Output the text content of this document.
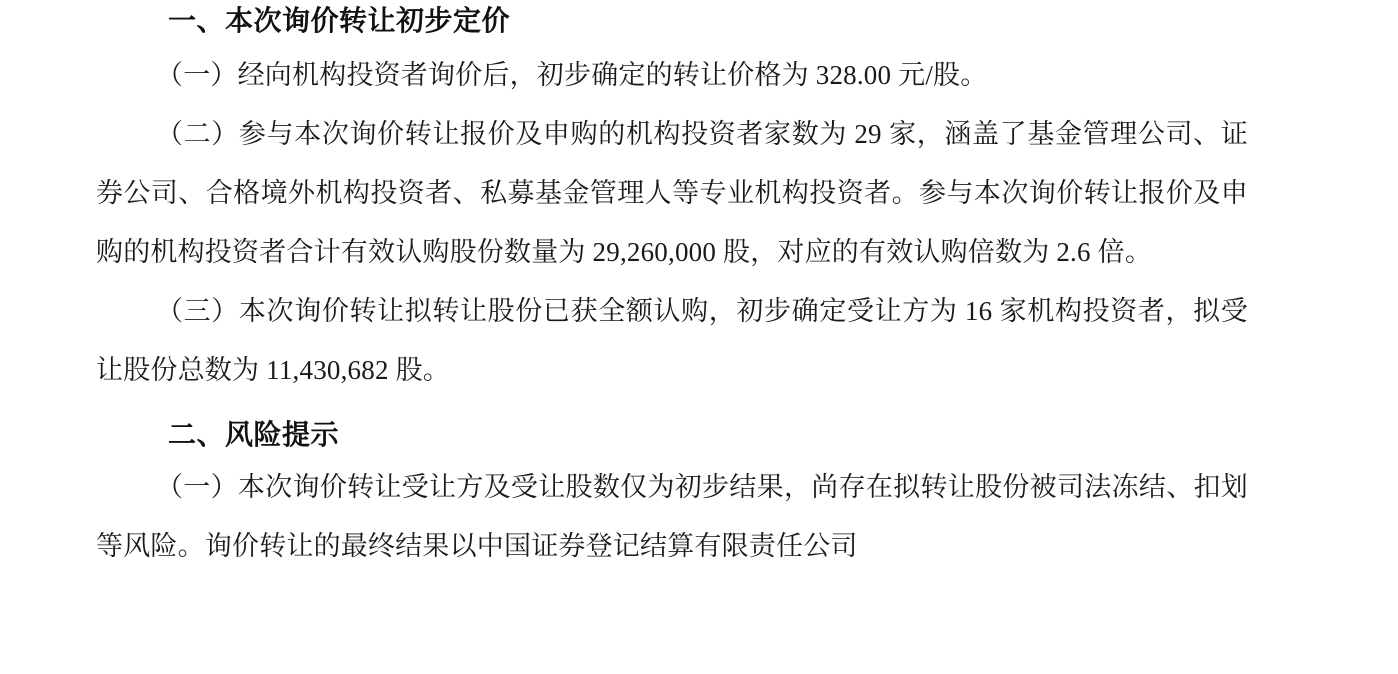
一、本次询价转让初步定价

（一）经向机构投资者询价后，初步确定的转让价格为 328.00 元/股。

（二）参与本次询价转让报价及申购的机构投资者家数为 29 家，涵盖了基金管理公司、证券公司、合格境外机构投资者、私募基金管理人等专业机构投资者。参与本次询价转让报价及申购的机构投资者合计有效认购股份数量为 29,260,000 股，对应的有效认购倍数为 2.6 倍。

（三）本次询价转让拟转让股份已获全额认购，初步确定受让方为 16 家机构投资者，拟受让股份总数为 11,430,682 股。

二、风险提示

（一）本次询价转让受让方及受让股数仅为初步结果，尚存在拟转让股份被司法冻结、扣划等风险。询价转让的最终结果以中国证券登记结算有限责任公司
